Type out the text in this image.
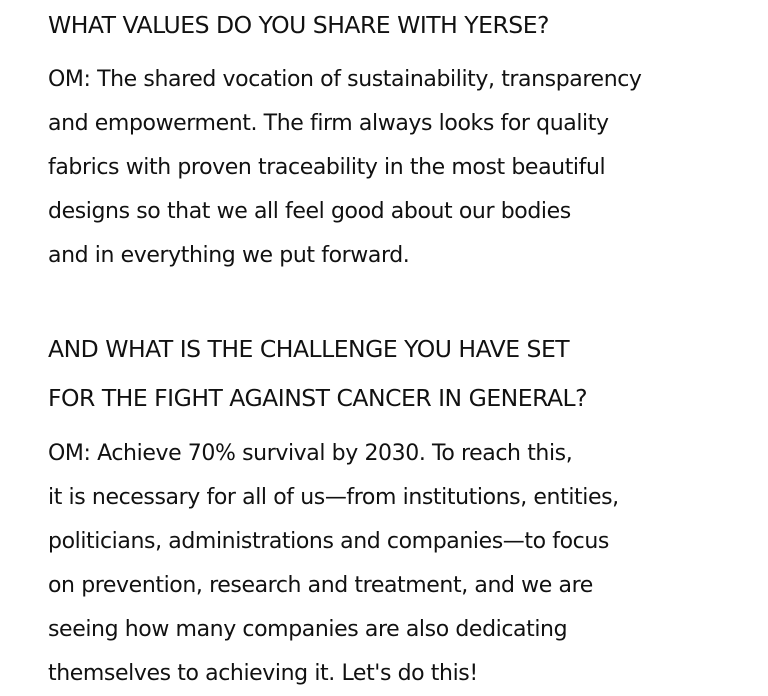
WHAT VALUES DO YOU SHARE WITH YERSE?

OM: The shared vocation of sustainability, transparency
and empowerment. The firm always looks for quality
fabrics with proven traceability in the most beautiful
designs so that we all feel good about our bodies
and in everything we put forward.

AND WHAT IS THE CHALLENGE YOU HAVE SET
FOR THE FIGHT AGAINST CANCER IN GENERAL?

OM: Achieve 70% survival by 2030. To reach this,
it is necessary for all of us—from institutions, entities,
politicians, administrations and companies—to focus
on prevention, research and treatment, and we are
seeing how many companies are also dedicating
themselves to achieving it. Let's do this!
